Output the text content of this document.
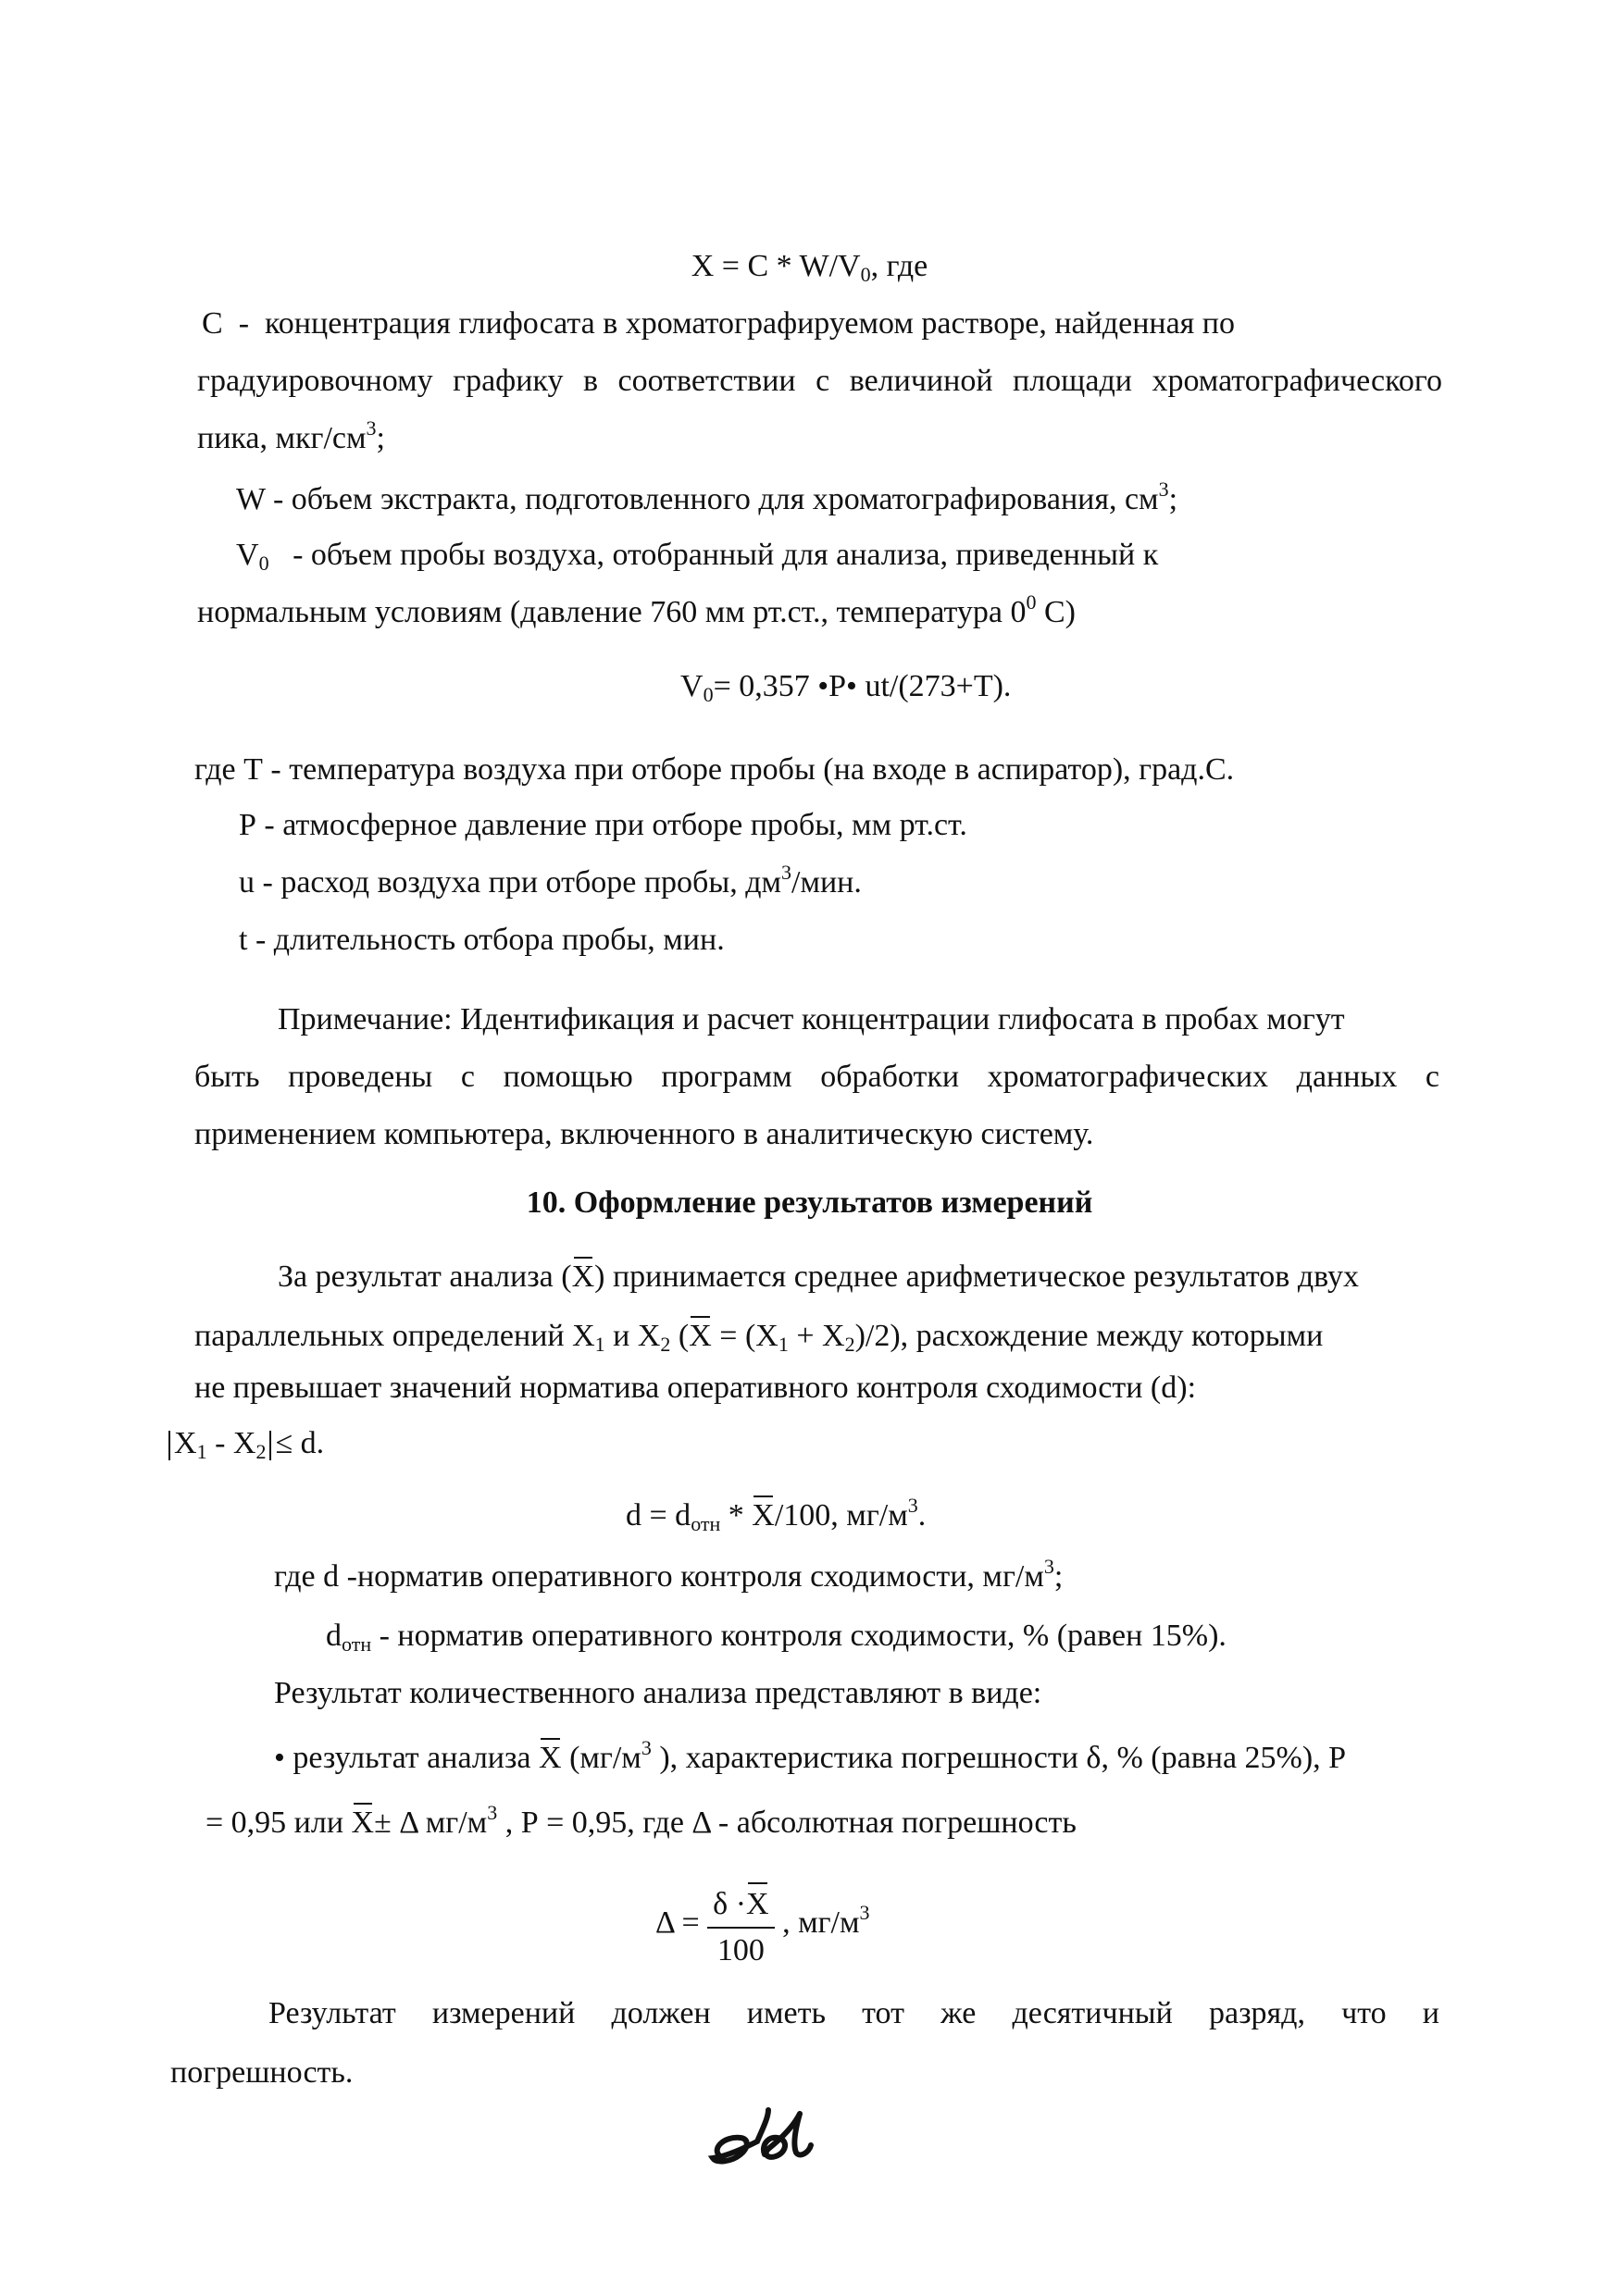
$X = C * W/V_0$, где
С - концентрация глифосата в хроматографируемом растворе, найденная по
градуировочному графику в соответствии с величиной площади хроматографического
пика, мкг/$см^3$;
W - объем экстракта, подготовленного для хроматографирования, $см^3$;
$V_0$ - объем пробы воздуха, отобранный для анализа, приведенный к
нормальным условиям (давление 760 мм рт.ст., температура $0^0$ С)
$V_0= 0,357$ •P• ut/(273+T).
где Т - температура воздуха при отборе пробы (на входе в аспиратор), град.С.
Р - атмосферное давление при отборе пробы, мм рт.ст.
u - расход воздуха при отборе пробы, $дм^3$/мин.
t - длительность отбора пробы, мин.
Примечание: Идентификация и расчет концентрации глифосата в пробах могут
быть проведены с помощью программ обработки хроматографических данных с
применением компьютера, включенного в аналитическую систему.
10. Оформление результатов измерений
За результат анализа (X) принимается среднее арифметическое результатов двух
параллельных определений $X_1$ и $X_2$ $(X = (X_1 + X_2)/2)$, расхождение между которыми
не превышает значений норматива оперативного контроля сходимости (d):
$X_1 - X_2 \le d$.
$d = d_{отн} * X/100$, $мг/м^3$.
где d -норматив оперативного контроля сходимости, $мг/м^3$;
$d_{отн}$ - норматив оперативного контроля сходимости, % (равен 15%).
Результат количественного анализа представляют в виде:
• результат анализа X ($мг/м^3$ ), характеристика погрешности δ, % (равна 25%), Р
= 0,95 или X± Δ $мг/м^3$ , Р = 0,95, где Δ - абсолютная погрешность
$\Delta = \frac{\delta \cdot X}{100}$ , $мг/м^3$
Результат измерений должен иметь тот же десятичный разряд, что и
погрешность.
